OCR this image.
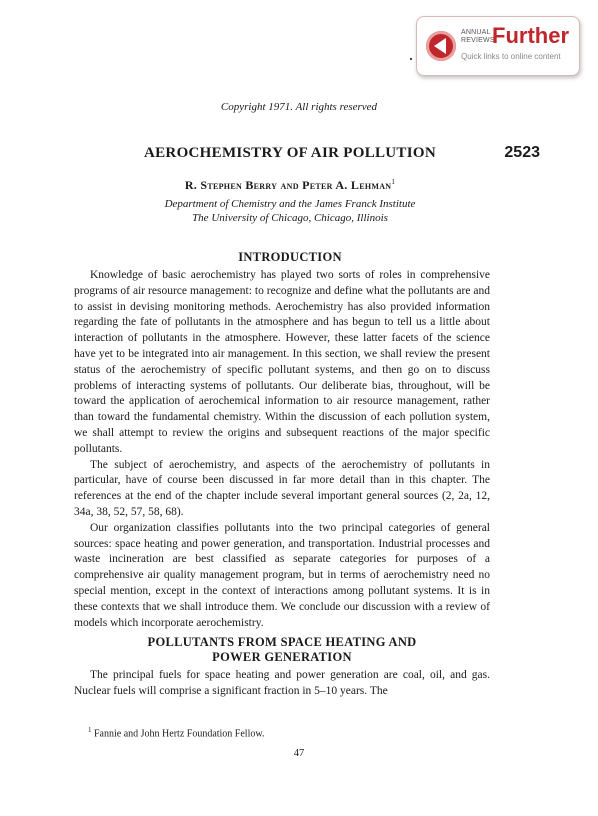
ANNUAL
REVIEWS
Further
Quick links to online content
Copyright 1971. All rights reserved
AEROCHEMISTRY OF AIR POLLUTION	2523
R. Stephen Berry and Peter A. Lehman$^1$
Department of Chemistry and the James Franck Institute
The University of Chicago, Chicago, Illinois
INTRODUCTION

Knowledge of basic aerochemistry has played two sorts of roles in comprehensive programs of air resource management: to recognize and define what the pollutants are and to assist in devising monitoring methods. Aerochemistry has also provided information regarding the fate of pollutants in the atmosphere and has begun to tell us a little about interaction of pollutants in the atmosphere. However, these latter facets of the science have yet to be integrated into air management. In this section, we shall review the present status of the aerochemistry of specific pollutant systems, and then go on to discuss problems of interacting systems of pollutants. Our deliberate bias, throughout, will be toward the application of aerochemical information to air resource management, rather than toward the fundamental chemistry. Within the discussion of each pollution system, we shall attempt to review the origins and subsequent reactions of the major specific pollutants.

The subject of aerochemistry, and aspects of the aerochemistry of pollutants in particular, have of course been discussed in far more detail than in this chapter. The references at the end of the chapter include several important general sources (2, 2a, 12, 34a, 38, 52, 57, 58, 68).

Our organization classifies pollutants into the two principal categories of general sources: space heating and power generation, and transportation. Industrial processes and waste incineration are best classified as separate categories for purposes of a comprehensive air quality management program, but in terms of aerochemistry need no special mention, except in the context of interactions among pollutant systems. It is in these contexts that we shall introduce them. We conclude our discussion with a review of models which incorporate aerochemistry.

POLLUTANTS FROM SPACE HEATING AND
POWER GENERATION

The principal fuels for space heating and power generation are coal, oil, and gas. Nuclear fuels will comprise a significant fraction in 5–10 years. The

$^1$ Fannie and John Hertz Foundation Fellow.
47
